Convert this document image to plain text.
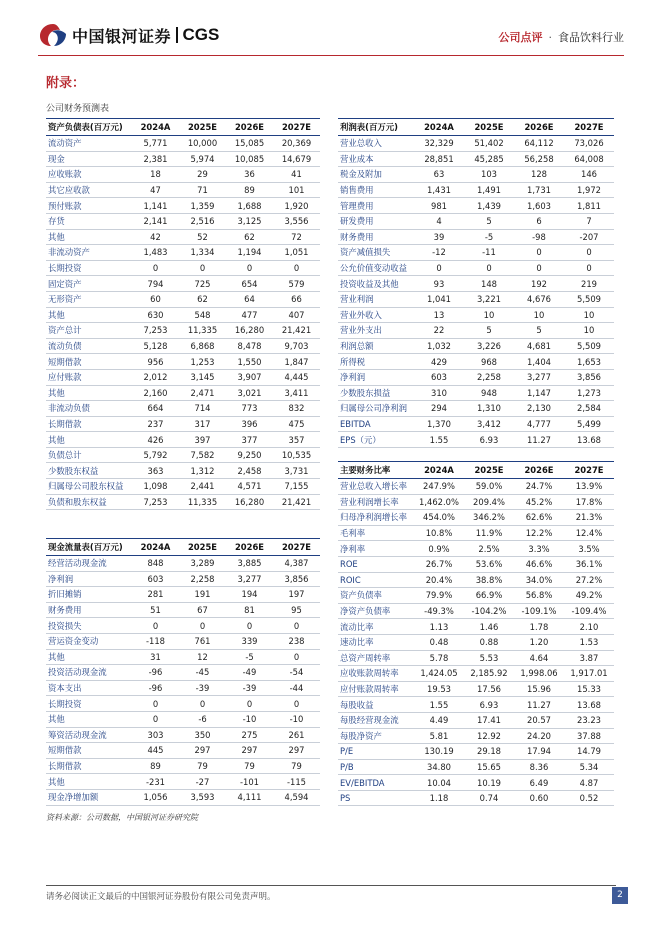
中国银河证券 CGS	公司点评 · 食品饮料行业
附录：
公司财务预测表
资产负债表(百万元)	2024A	2025E	2026E	2027E
流动资产	5,771	10,000	15,085	20,369
现金	2,381	5,974	10,085	14,679
应收账款	18	29	36	41
其它应收款	47	71	89	101
预付账款	1,141	1,359	1,688	1,920
存货	2,141	2,516	3,125	3,556
其他	42	52	62	72
非流动资产	1,483	1,334	1,194	1,051
长期投资	0	0	0	0
固定资产	794	725	654	579
无形资产	60	62	64	66
其他	630	548	477	407
资产总计	7,253	11,335	16,280	21,421
流动负债	5,128	6,868	8,478	9,703
短期借款	956	1,253	1,550	1,847
应付账款	2,012	3,145	3,907	4,445
其他	2,160	2,471	3,021	3,411
非流动负债	664	714	773	832
长期借款	237	317	396	475
其他	426	397	377	357
负债总计	5,792	7,582	9,250	10,535
少数股东权益	363	1,312	2,458	3,731
归属母公司股东权益	1,098	2,441	4,571	7,155
负债和股东权益	7,253	11,335	16,280	21,421
现金流量表(百万元)	2024A	2025E	2026E	2027E
经营活动现金流	848	3,289	3,885	4,387
净利润	603	2,258	3,277	3,856
折旧摊销	281	191	194	197
财务费用	51	67	81	95
投资损失	0	0	0	0
营运资金变动	-118	761	339	238
其他	31	12	-5	0
投资活动现金流	-96	-45	-49	-54
资本支出	-96	-39	-39	-44
长期投资	0	0	0	0
其他	0	-6	-10	-10
筹资活动现金流	303	350	275	261
短期借款	445	297	297	297
长期借款	89	79	79	79
其他	-231	-27	-101	-115
现金净增加额	1,056	3,593	4,111	4,594
利润表(百万元)	2024A	2025E	2026E	2027E
营业总收入	32,329	51,402	64,112	73,026
营业成本	28,851	45,285	56,258	64,008
税金及附加	63	103	128	146
销售费用	1,431	1,491	1,731	1,972
管理费用	981	1,439	1,603	1,811
研发费用	4	5	6	7
财务费用	39	-5	-98	-207
资产减值损失	-12	-11	0	0
公允价值变动收益	0	0	0	0
投资收益及其他	93	148	192	219
营业利润	1,041	3,221	4,676	5,509
营业外收入	13	10	10	10
营业外支出	22	5	5	10
利润总额	1,032	3,226	4,681	5,509
所得税	429	968	1,404	1,653
净利润	603	2,258	3,277	3,856
少数股东损益	310	948	1,147	1,273
归属母公司净利润	294	1,310	2,130	2,584
EBITDA	1,370	3,412	4,777	5,499
EPS（元）	1.55	6.93	11.27	13.68
主要财务比率	2024A	2025E	2026E	2027E
营业总收入增长率	247.9%	59.0%	24.7%	13.9%
营业利润增长率	1,462.0%	209.4%	45.2%	17.8%
归母净利润增长率	454.0%	346.2%	62.6%	21.3%
毛利率	10.8%	11.9%	12.2%	12.4%
净利率	0.9%	2.5%	3.3%	3.5%
ROE	26.7%	53.6%	46.6%	36.1%
ROIC	20.4%	38.8%	34.0%	27.2%
资产负债率	79.9%	66.9%	56.8%	49.2%
净资产负债率	-49.3%	-104.2%	-109.1%	-109.4%
流动比率	1.13	1.46	1.78	2.10
速动比率	0.48	0.88	1.20	1.53
总资产周转率	5.78	5.53	4.64	3.87
应收账款周转率	1,424.05	2,185.92	1,998.06	1,917.01
应付账款周转率	19.53	17.56	15.96	15.33
每股收益	1.55	6.93	11.27	13.68
每股经营现金流	4.49	17.41	20.57	23.23
每股净资产	5.81	12.92	24.20	37.88
P/E	130.19	29.18	17.94	14.79
P/B	34.80	15.65	8.36	5.34
EV/EBITDA	10.04	10.19	6.49	4.87
PS	1.18	0.74	0.60	0.52
资料来源：公司数据，中国银河证券研究院
请务必阅读正文最后的中国银河证券股份有限公司免责声明。	2
